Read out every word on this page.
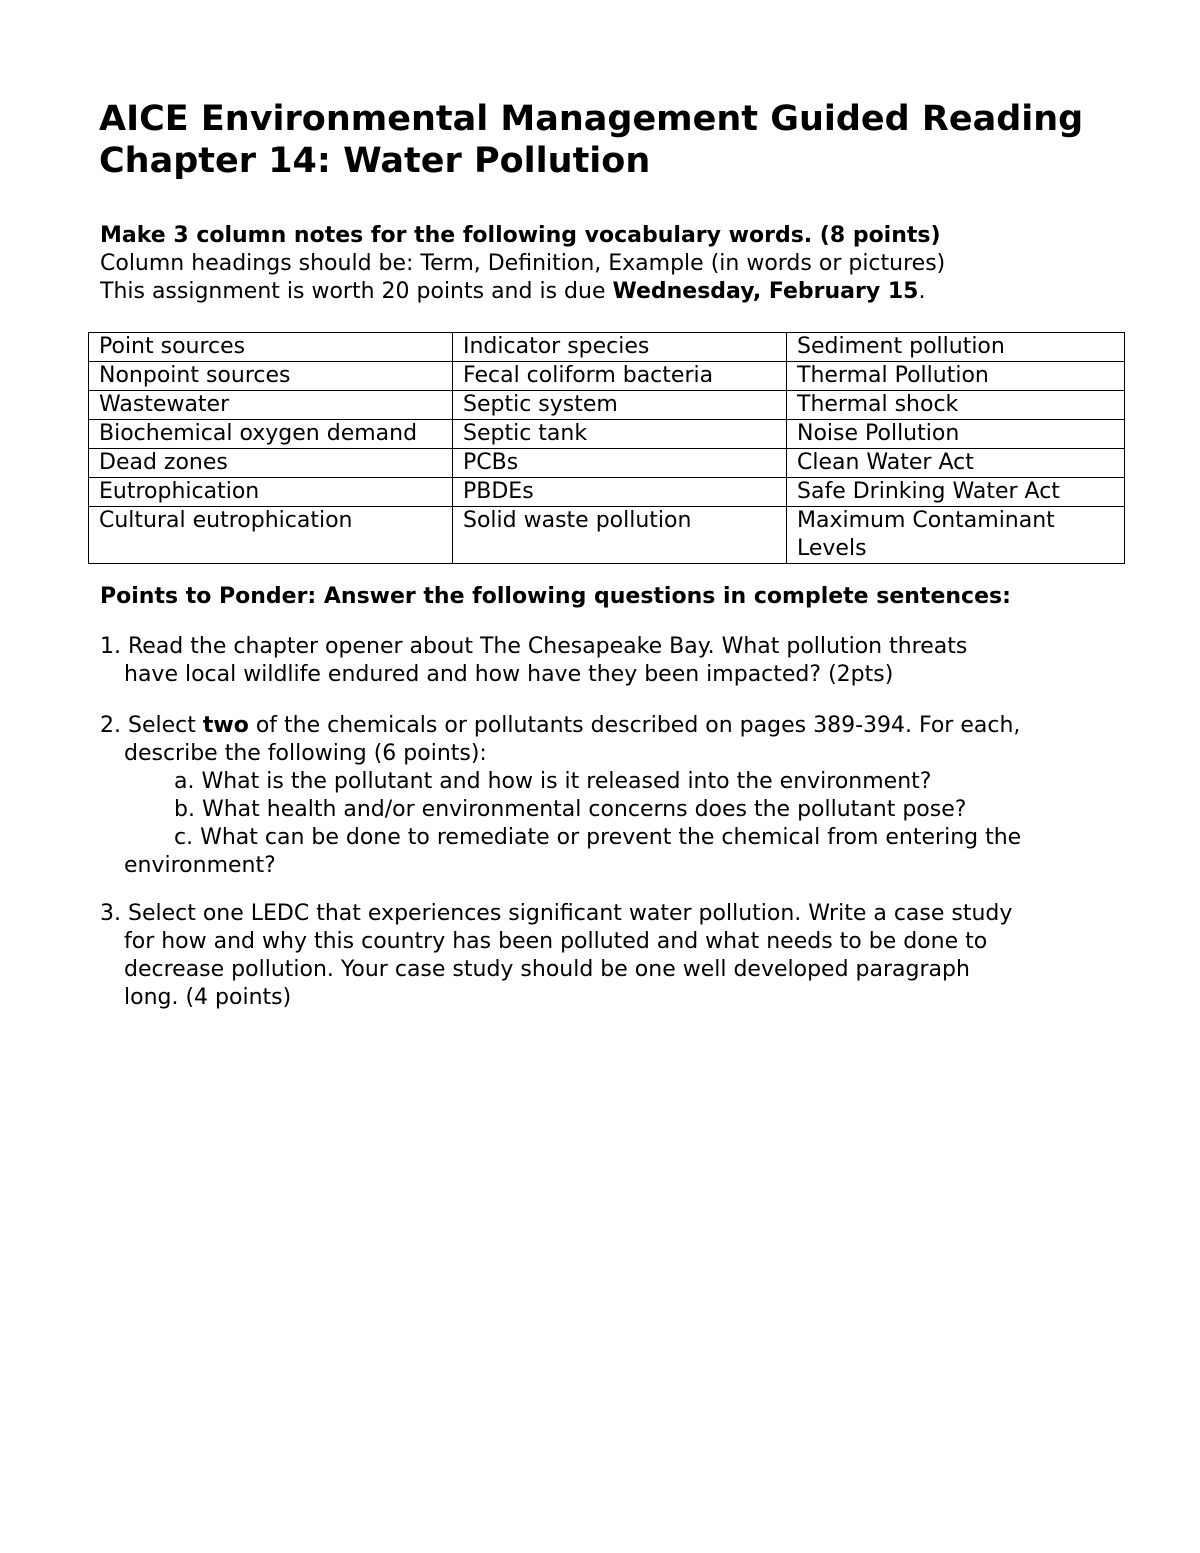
AICE Environmental Management Guided Reading
Chapter 14: Water Pollution
Make 3 column notes for the following vocabulary words. (8 points)
Column headings should be: Term, Definition, Example (in words or pictures)
This assignment is worth 20 points and is due Wednesday, February 15.
Point sources	Indicator species	Sediment pollution
Nonpoint sources	Fecal coliform bacteria	Thermal Pollution
Wastewater	Septic system	Thermal shock
Biochemical oxygen demand	Septic tank	Noise Pollution
Dead zones	PCBs	Clean Water Act
Eutrophication	PBDEs	Safe Drinking Water Act
Cultural eutrophication	Solid waste pollution	Maximum Contaminant Levels
Points to Ponder: Answer the following questions in complete sentences:
1. Read the chapter opener about The Chesapeake Bay. What pollution threats
have local wildlife endured and how have they been impacted? (2pts)
2. Select two of the chemicals or pollutants described on pages 389-394. For each,
describe the following (6 points):
a. What is the pollutant and how is it released into the environment?
b. What health and/or environmental concerns does the pollutant pose?
c. What can be done to remediate or prevent the chemical from entering the
environment?
3. Select one LEDC that experiences significant water pollution. Write a case study
for how and why this country has been polluted and what needs to be done to
decrease pollution. Your case study should be one well developed paragraph
long. (4 points)
